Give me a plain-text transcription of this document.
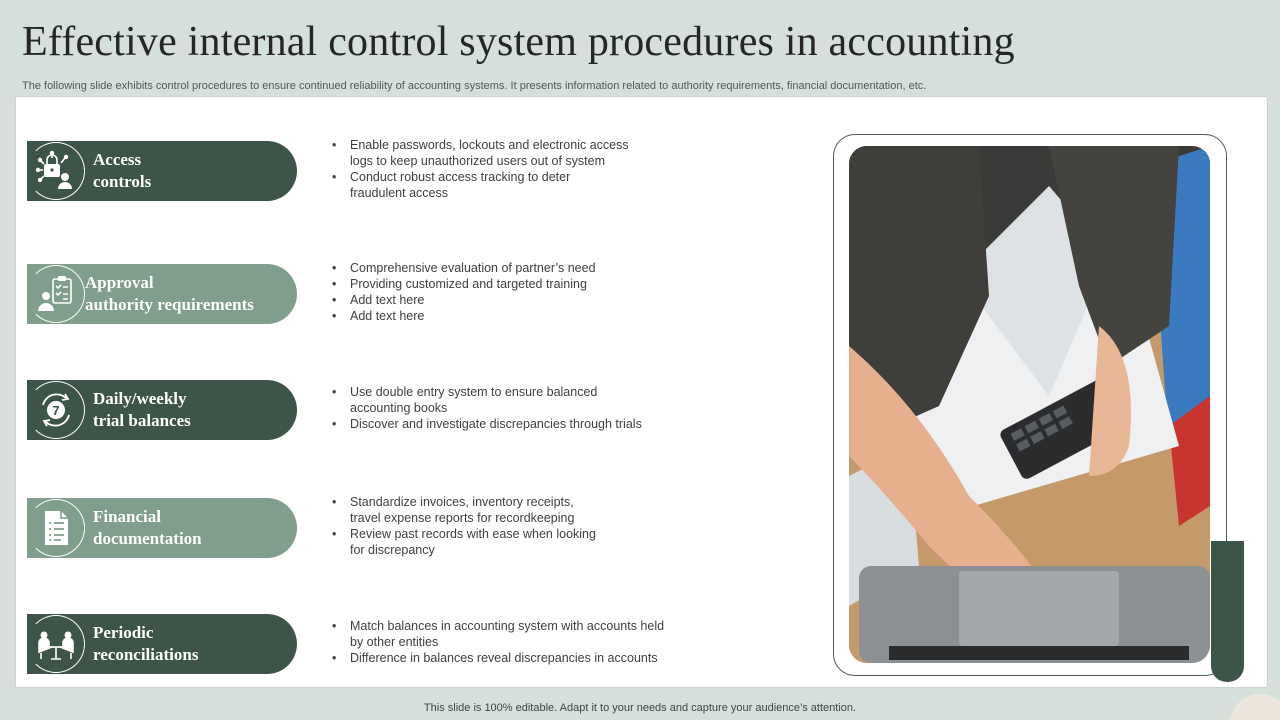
Effective internal control system procedures in accounting
The following slide exhibits control procedures to ensure continued reliability of accounting systems. It presents information related to authority requirements, financial documentation, etc.
Access
controls
• Enable passwords, lockouts and electronic access
logs to keep unauthorized users out of system
• Conduct robust access tracking to deter
fraudulent access
Approval
authority requirements
• Comprehensive evaluation of partner’s need
• Providing customized and targeted training
• Add text here
• Add text here
7
Daily/weekly
trial balances
• Use double entry system to ensure balanced
accounting books
• Discover and investigate discrepancies through trials
Financial
documentation
• Standardize invoices, inventory receipts,
travel expense reports for recordkeeping
• Review past records with ease when looking
for discrepancy
Periodic
reconciliations
• Match balances in accounting system with accounts held
by other entities
• Difference in balances reveal discrepancies in accounts
This slide is 100% editable. Adapt it to your needs and capture your audience’s attention.
